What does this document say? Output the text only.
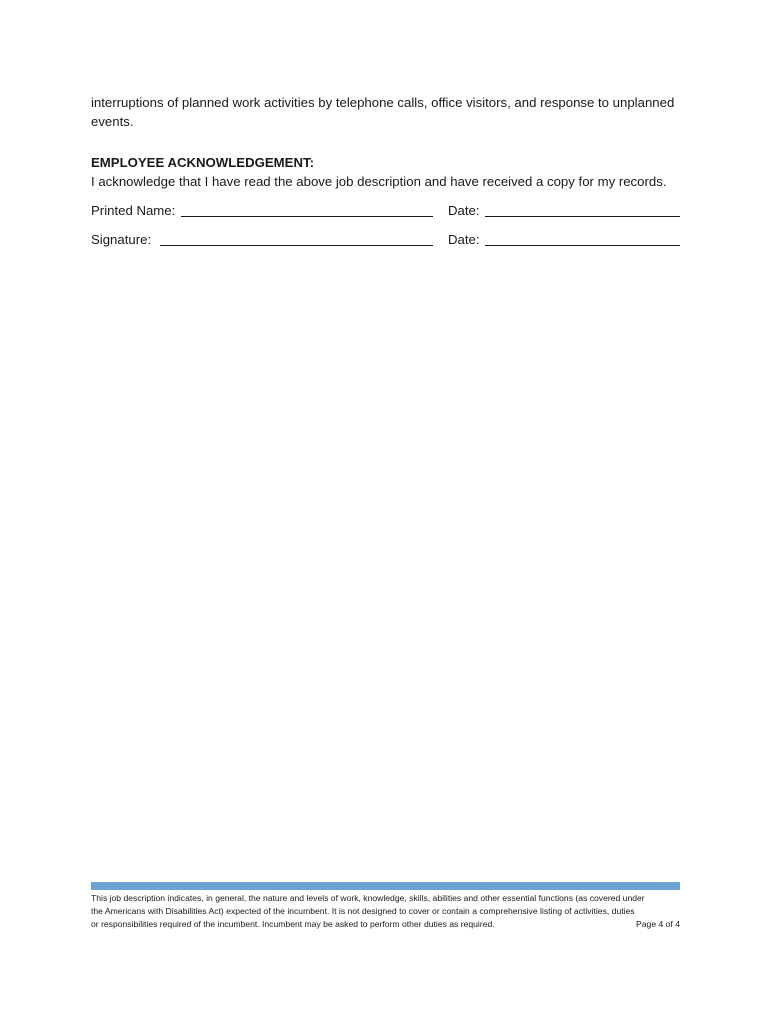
interruptions of planned work activities by telephone calls, office visitors, and response to unplanned events.

EMPLOYEE ACKNOWLEDGEMENT:

I acknowledge that I have read the above job description and have received a copy for my records.

Printed Name:	Date:
Signature:	Date:
This job description indicates, in general, the nature and levels of work, knowledge, skills, abilities and other essential functions (as covered under
the Americans with Disabilities Act) expected of the incumbent. It is not designed to cover or contain a comprehensive listing of activities, duties
or responsibilities required of the incumbent. Incumbent may be asked to perform other duties as required.	Page 4 of 4
